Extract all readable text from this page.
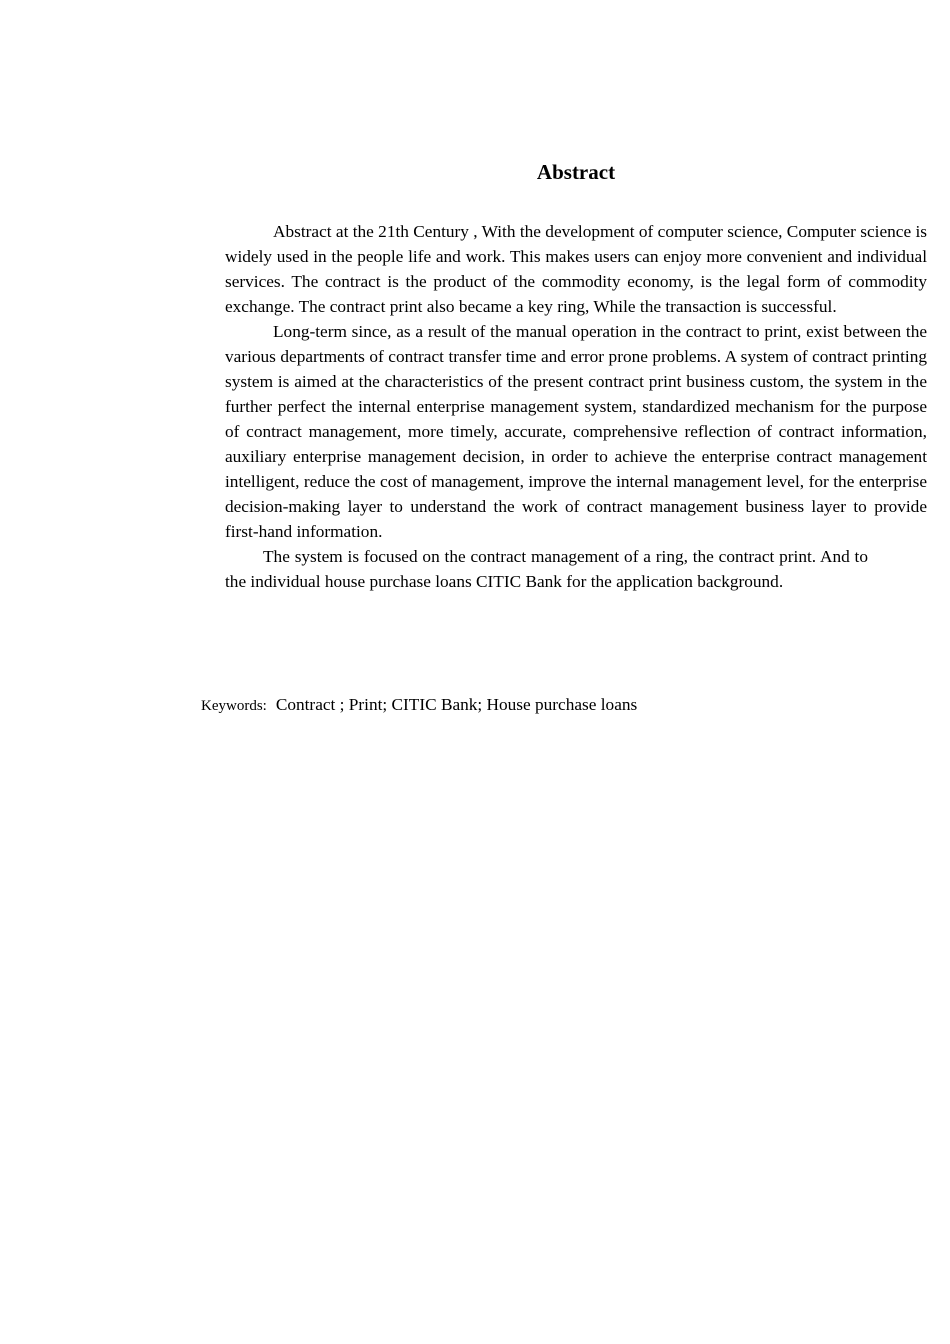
Abstract

Abstract at the 21th Century , With the development of computer science, Computer science is widely used in the people life and work. This makes users can enjoy more convenient and individual services. The contract is the product of the commodity economy, is the legal form of commodity exchange. The contract print also became a key ring, While the transaction is successful.

Long-term since, as a result of the manual operation in the contract to print, exist between the various departments of contract transfer time and error prone problems. A system of contract printing system is aimed at the characteristics of the present contract print business custom, the system in the further perfect the internal enterprise management system, standardized mechanism for the purpose of contract management, more timely, accurate, comprehensive reflection of contract information, auxiliary enterprise management decision, in order to achieve the enterprise contract management intelligent, reduce the cost of management, improve the internal management level, for the enterprise decision-making layer to understand the work of contract management business layer to provide first-hand information.

The system is focused on the contract management of a ring, the contract print. And to the individual house purchase loans CITIC Bank for the application background.

Keywords: Contract ; Print; CITIC Bank; House purchase loans
